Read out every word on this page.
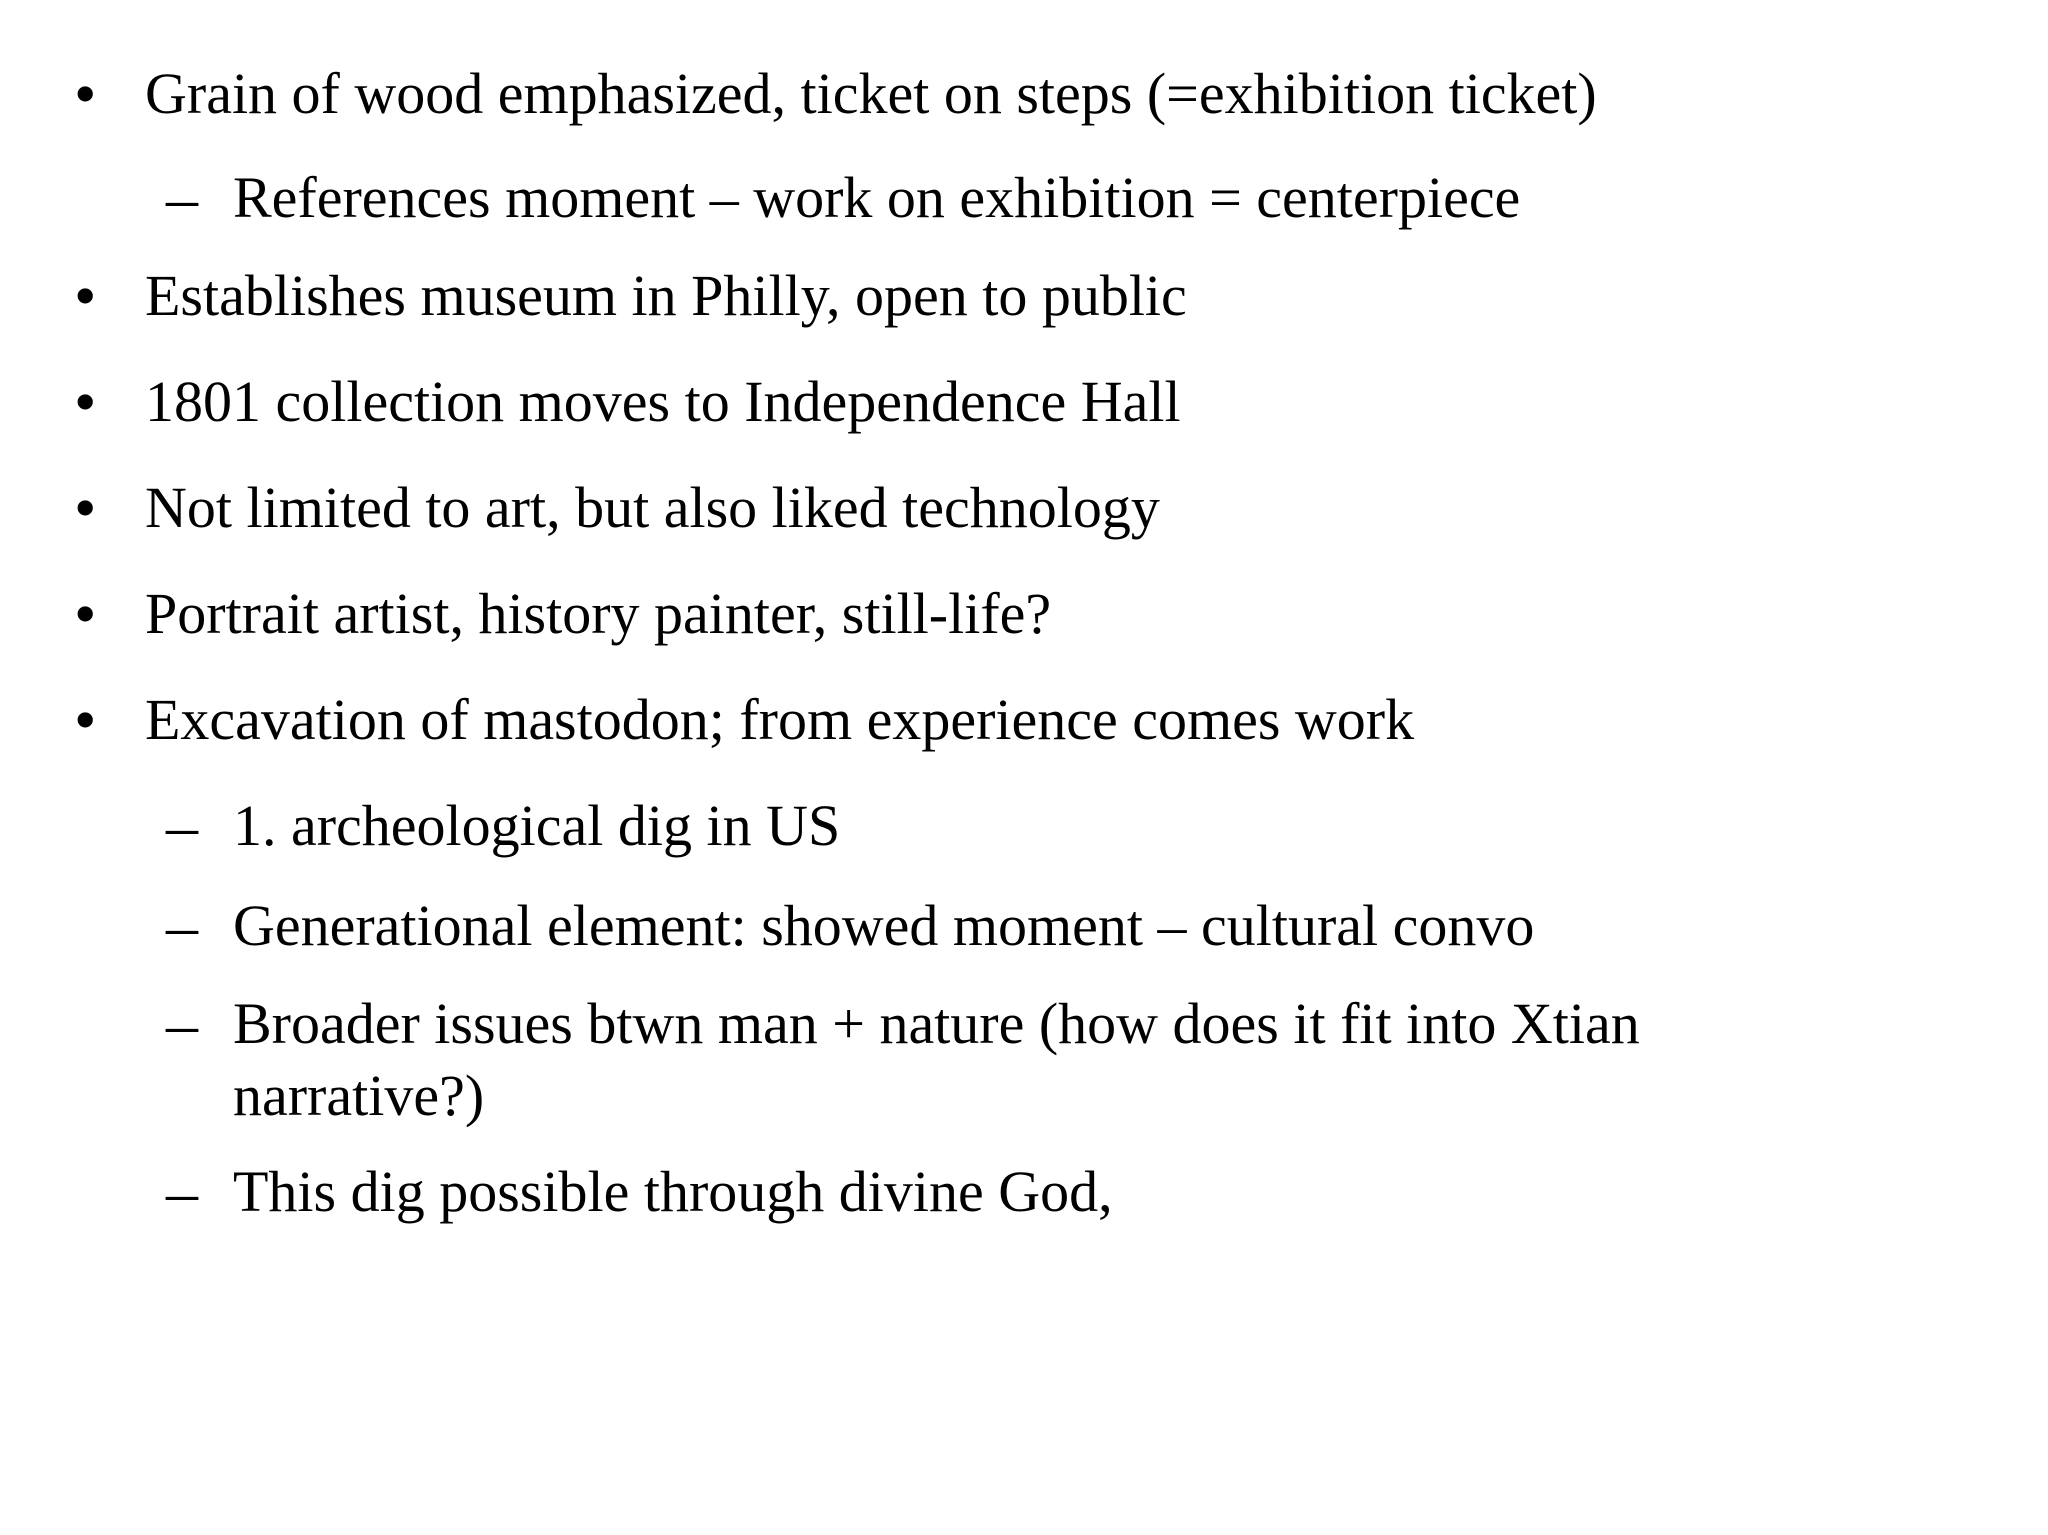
• Grain of wood emphasized, ticket on steps (=exhibition ticket)
– References moment – work on exhibition = centerpiece
• Establishes museum in Philly, open to public
• 1801 collection moves to Independence Hall
• Not limited to art, but also liked technology
• Portrait artist, history painter, still-life?
• Excavation of mastodon; from experience comes work
– 1. archeological dig in US
– Generational element: showed moment – cultural convo
– Broader issues btwn man + nature (how does it fit into Xtian narrative?)
– This dig possible through divine God,
